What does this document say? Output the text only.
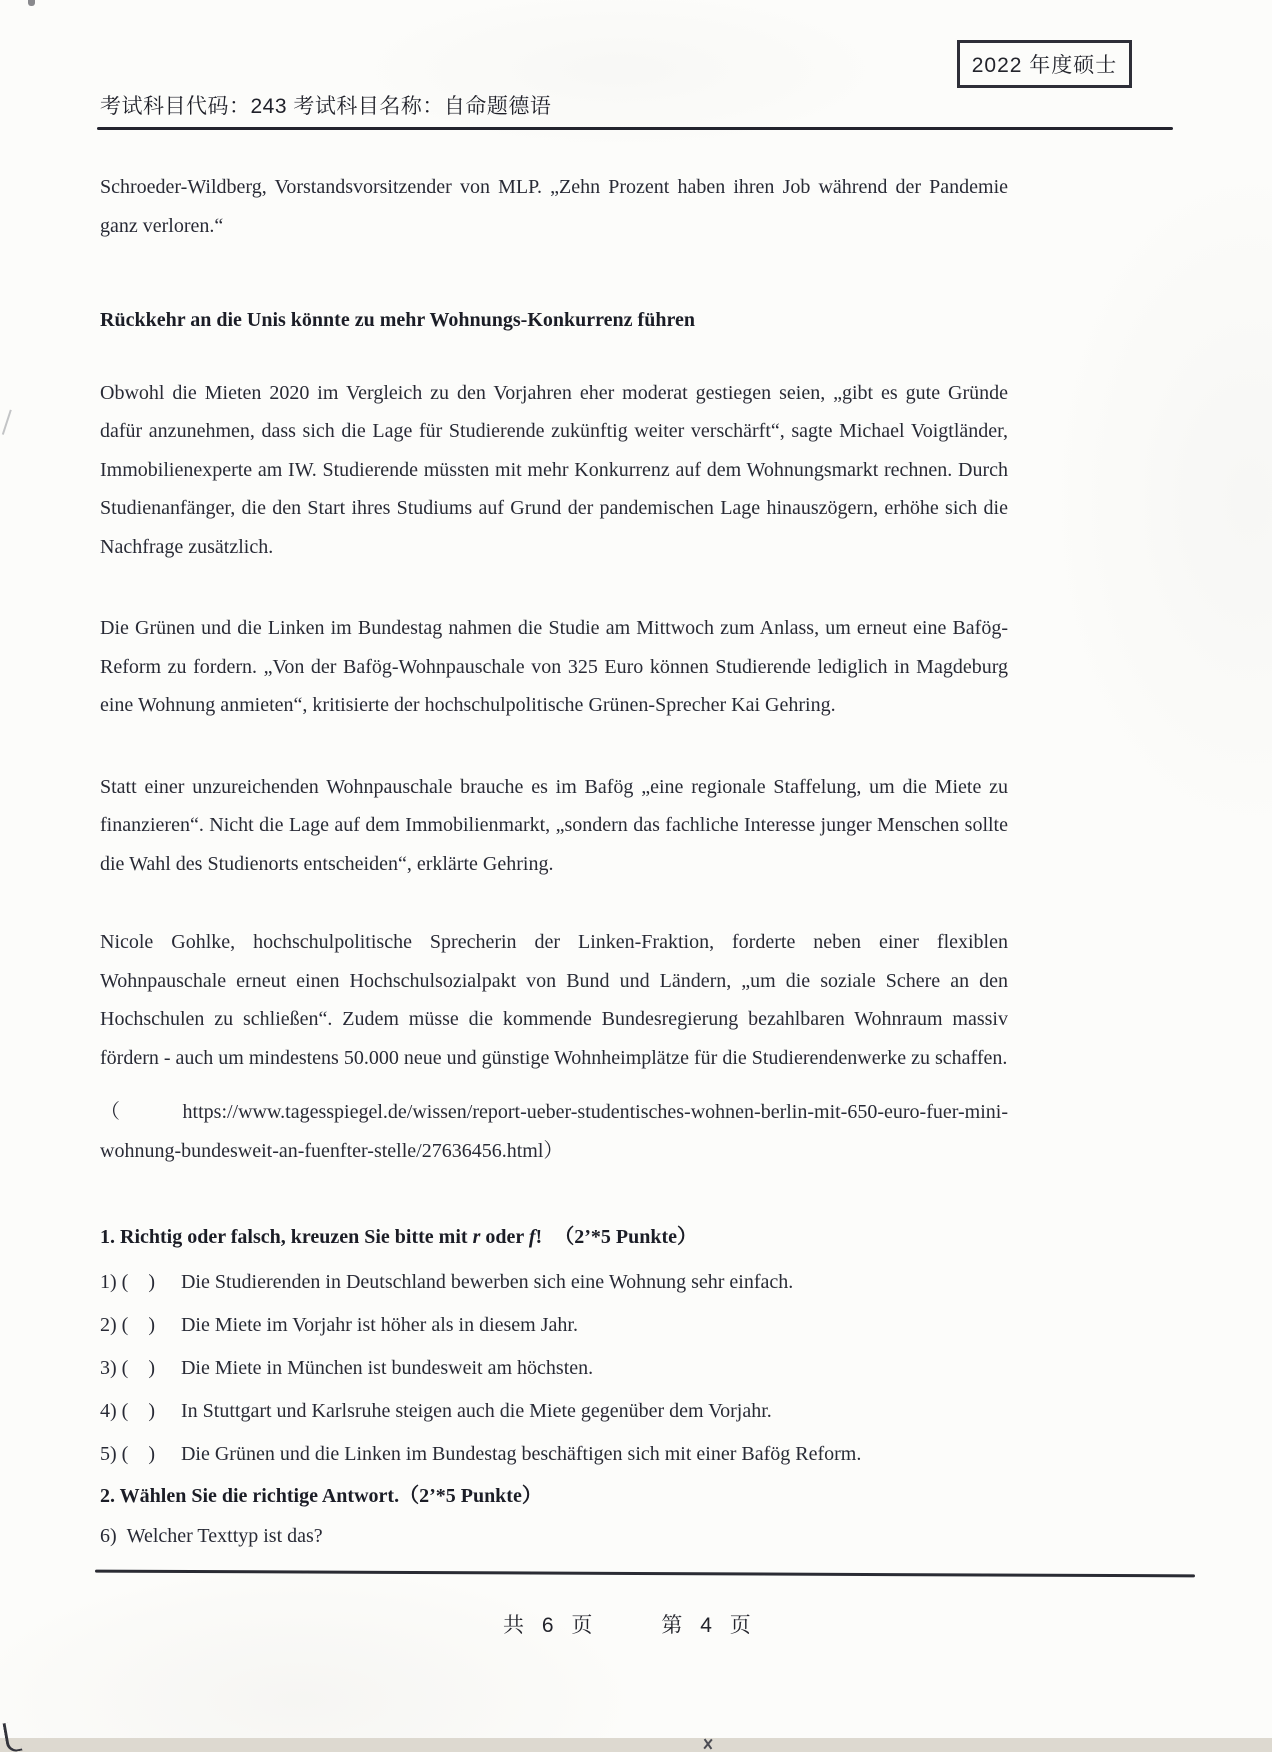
2022 年度硕士
考试科目代码：243 考试科目名称：自命题德语

Schroeder-Wildberg, Vorstandsvorsitzender von MLP. „Zehn Prozent haben ihren Job während der Pandemie ganz verloren.“

Rückkehr an die Unis könnte zu mehr Wohnungs-Konkurrenz führen

Obwohl die Mieten 2020 im Vergleich zu den Vorjahren eher moderat gestiegen seien, „gibt es gute Gründe dafür anzunehmen, dass sich die Lage für Studierende zukünftig weiter verschärft“, sagte Michael Voigtländer, Immobilienexperte am IW. Studierende müssten mit mehr Konkurrenz auf dem Wohnungsmarkt rechnen. Durch Studienanfänger, die den Start ihres Studiums auf Grund der pandemischen Lage hinauszögern, erhöhe sich die Nachfrage zusätzlich.

Die Grünen und die Linken im Bundestag nahmen die Studie am Mittwoch zum Anlass, um erneut eine Bafög-Reform zu fordern. „Von der Bafög-Wohnpauschale von 325 Euro können Studierende lediglich in Magdeburg eine Wohnung anmieten“, kritisierte der hochschulpolitische Grünen-Sprecher Kai Gehring.

Statt einer unzureichenden Wohnpauschale brauche es im Bafög „eine regionale Staffelung, um die Miete zu finanzieren“. Nicht die Lage auf dem Immobilienmarkt, „sondern das fachliche Interesse junger Menschen sollte die Wahl des Studienorts entscheiden“, erklärte Gehring.

Nicole Gohlke, hochschulpolitische Sprecherin der Linken-Fraktion, forderte neben einer flexiblen Wohnpauschale erneut einen Hochschulsozialpakt von Bund und Ländern, „um die soziale Schere an den Hochschulen zu schließen“. Zudem müsse die kommende Bundesregierung bezahlbaren Wohnraum massiv fördern - auch um mindestens 50.000 neue und günstige Wohnheimplätze für die Studierendenwerke zu schaffen.

（https://www.tagesspiegel.de/wissen/report-ueber-studentisches-wohnen-berlin-mit-650-euro-fuer-mini-wohnung-bundesweit-an-fuenfter-stelle/27636456.html）

1. Richtig oder falsch, kreuzen Sie bitte mit r oder f! （2’*5 Punkte）
1) (    ) Die Studierenden in Deutschland bewerben sich eine Wohnung sehr einfach.
2) (    ) Die Miete im Vorjahr ist höher als in diesem Jahr.
3) (    ) Die Miete in München ist bundesweit am höchsten.
4) (    ) In Stuttgart und Karlsruhe steigen auch die Miete gegenüber dem Vorjahr.
5) (    ) Die Grünen und die Linken im Bundestag beschäftigen sich mit einer Bafög Reform.
2. Wählen Sie die richtige Antwort.（2’*5 Punkte）
6) Welcher Texttyp ist das?
共 6 页	第 4 页
